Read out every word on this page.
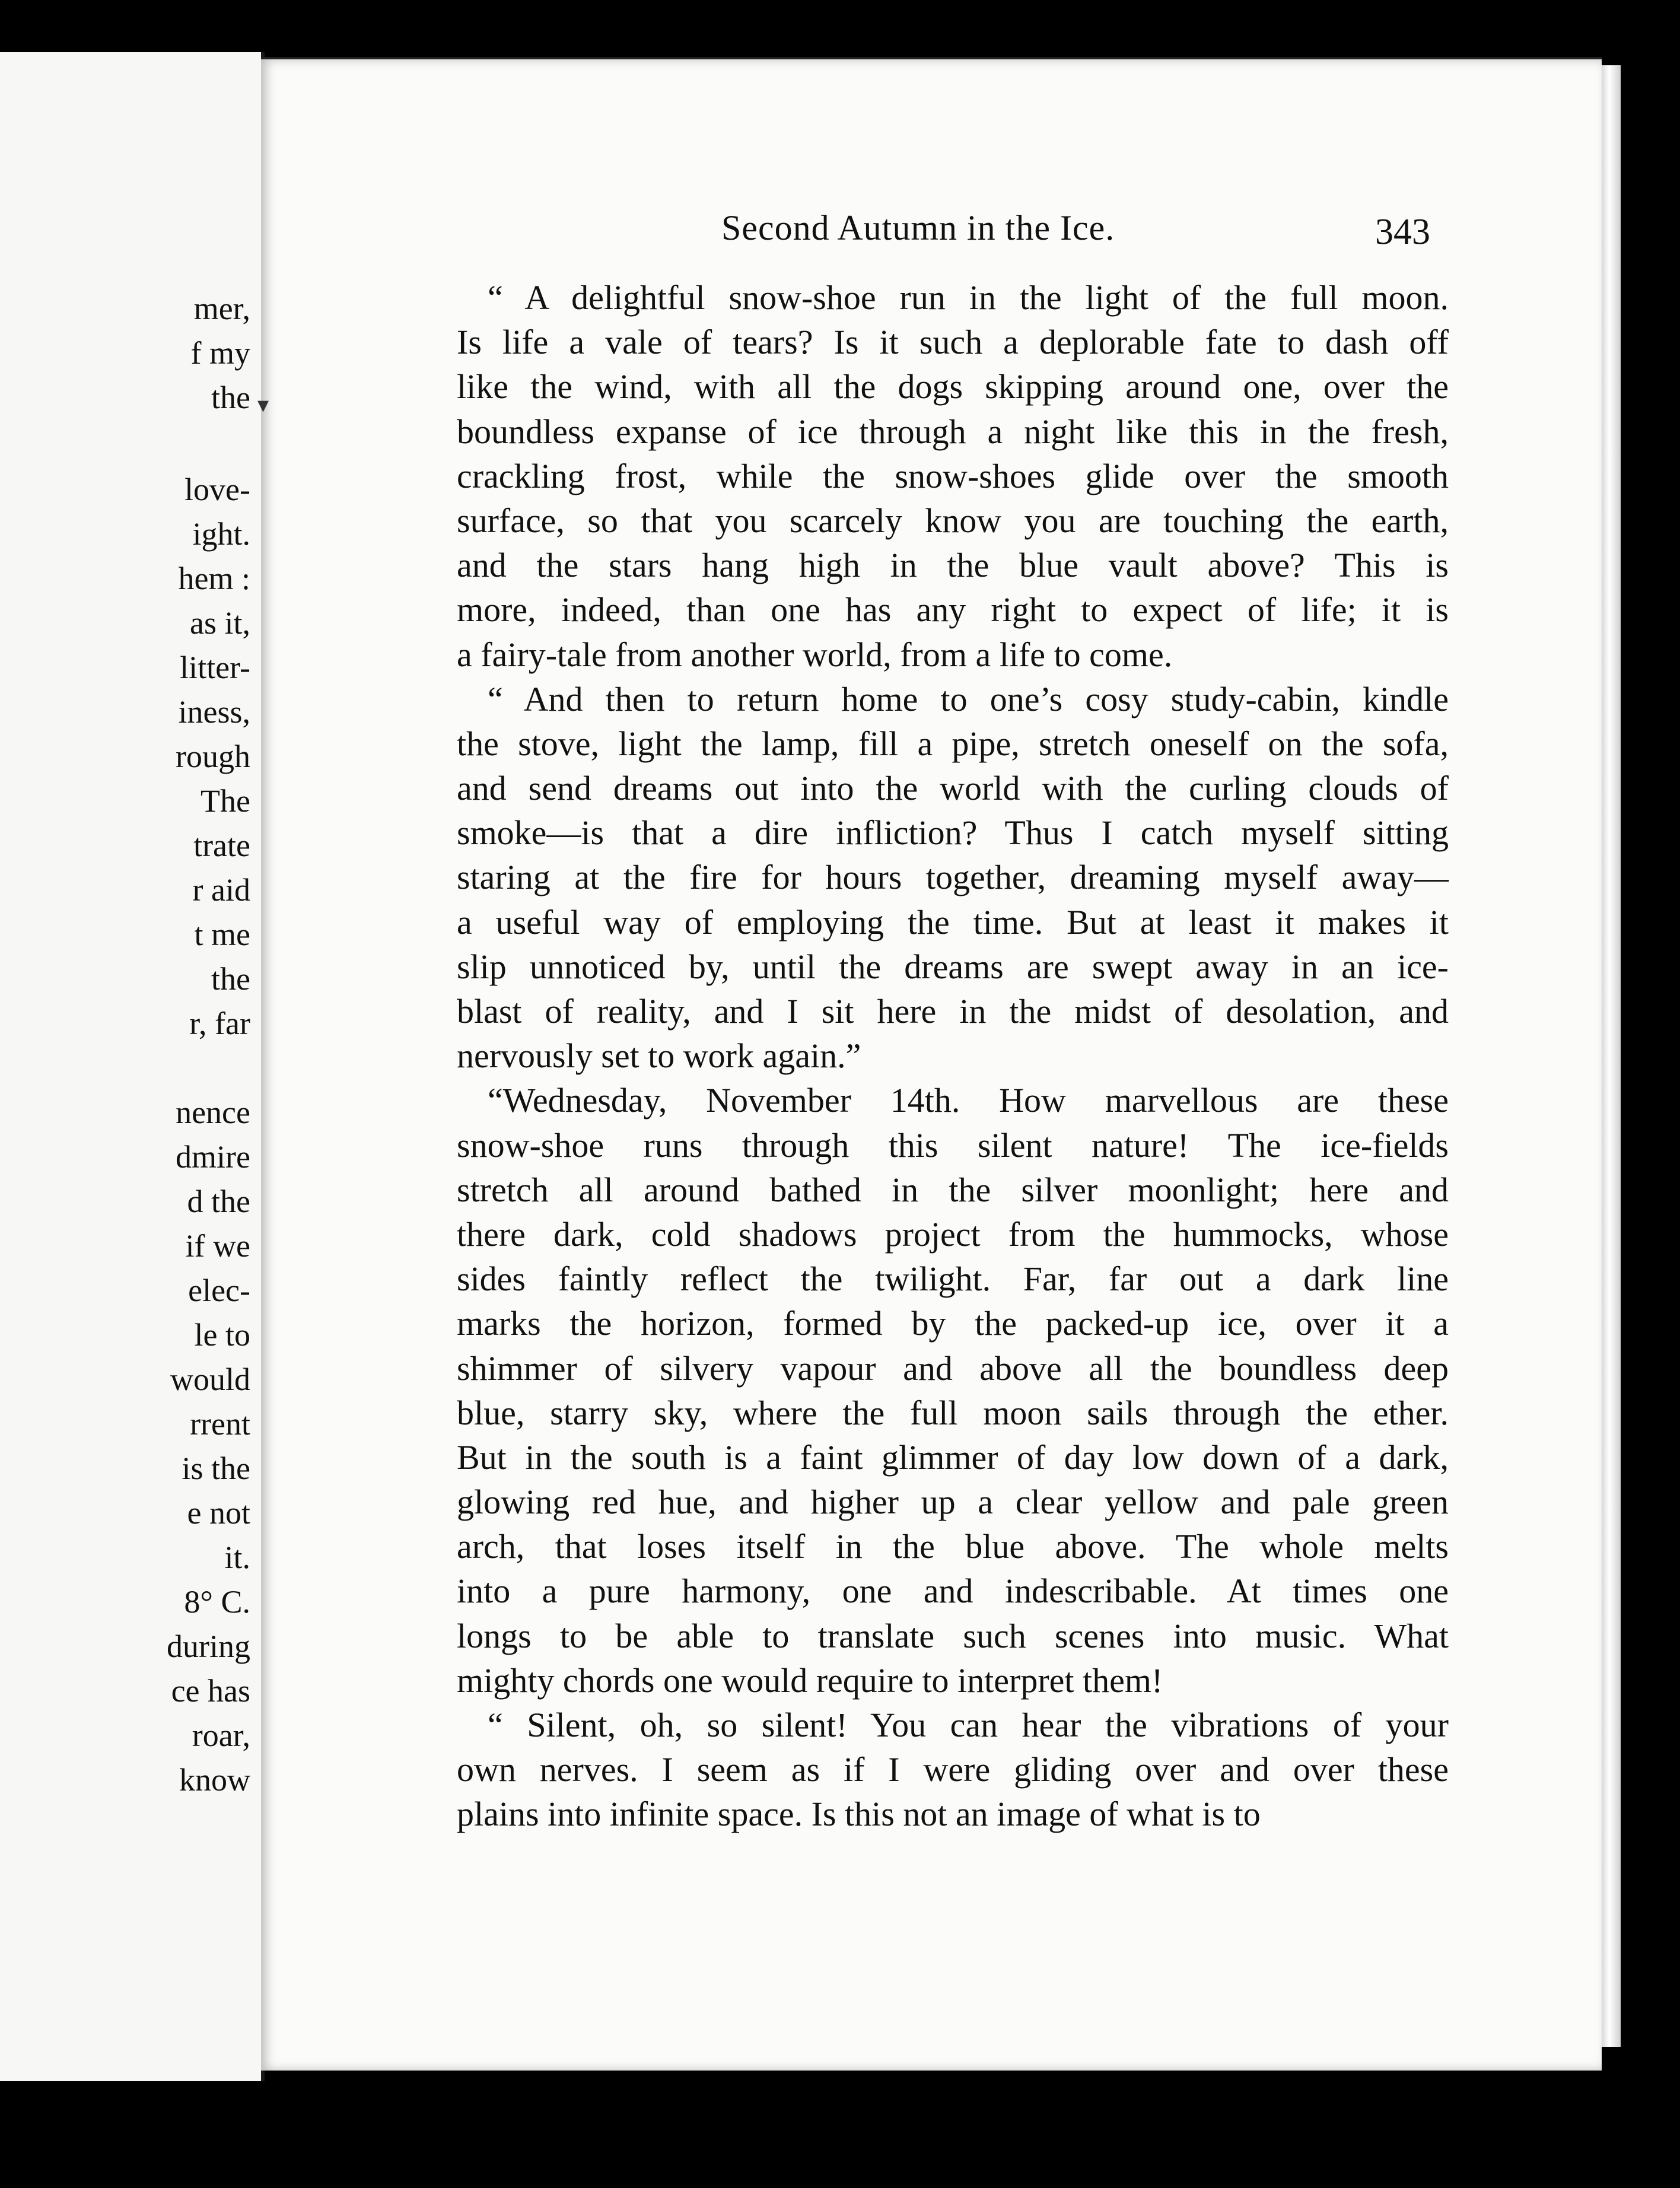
mer,
f my
the
love-
ight.
hem :
as it,
litter-
iness,
rough
The
trate
r aid
t me
the
r, far
nence
dmire
d the
if we
elec-
le to
would
rrent
is the
e not
it.
8° C.
during
ce has
roar,
know
Second Autumn in the Ice.	343
“ A delightful snow-shoe run in the light of the full moon.
Is life a vale of tears? Is it such a deplorable fate to dash off
like the wind, with all the dogs skipping around one, over the
boundless expanse of ice through a night like this in the fresh,
crackling frost, while the snow-shoes glide over the smooth
surface, so that you scarcely know you are touching the earth,
and the stars hang high in the blue vault above? This is
more, indeed, than one has any right to expect of life; it is
a fairy-tale from another world, from a life to come.
“ And then to return home to one’s cosy study-cabin, kindle
the stove, light the lamp, fill a pipe, stretch oneself on the sofa,
and send dreams out into the world with the curling clouds of
smoke—is that a dire infliction? Thus I catch myself sitting
staring at the fire for hours together, dreaming myself away—
a useful way of employing the time. But at least it makes it
slip unnoticed by, until the dreams are swept away in an ice-
blast of reality, and I sit here in the midst of desolation, and
nervously set to work again.”
“Wednesday, November 14th. How marvellous are these
snow-shoe runs through this silent nature! The ice-fields
stretch all around bathed in the silver moonlight; here and
there dark, cold shadows project from the hummocks, whose
sides faintly reflect the twilight. Far, far out a dark line
marks the horizon, formed by the packed-up ice, over it a
shimmer of silvery vapour and above all the boundless deep
blue, starry sky, where the full moon sails through the ether.
But in the south is a faint glimmer of day low down of a dark,
glowing red hue, and higher up a clear yellow and pale green
arch, that loses itself in the blue above. The whole melts
into a pure harmony, one and indescribable. At times one
longs to be able to translate such scenes into music. What
mighty chords one would require to interpret them!
“ Silent, oh, so silent! You can hear the vibrations of your
own nerves. I seem as if I were gliding over and over these
plains into infinite space. Is this not an image of what is to
▾
